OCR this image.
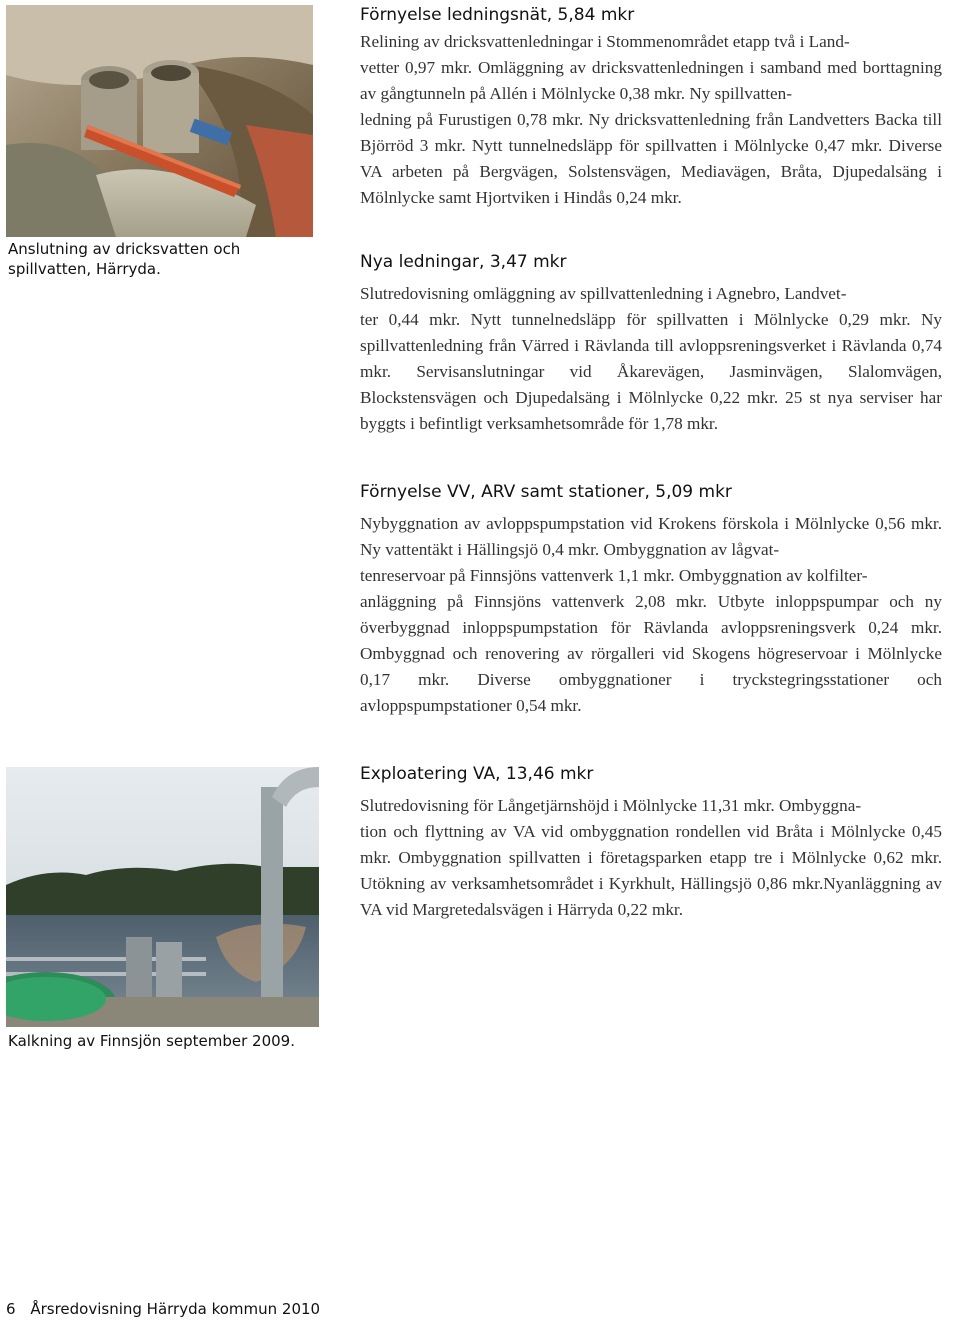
Anslutning av dricksvatten och spillvatten, Härryda.
Kalkning av Finnsjön september 2009.
Förnyelse ledningsnät, 5,84 mkr

Relining av dricksvattenledningar i Stommenområdet etapp två i Land-
vetter 0,97 mkr. Omläggning av dricksvattenledningen i samband med borttagning av gångtunneln på Allén i Mölnlycke 0,38 mkr. Ny spillvatten-
ledning på Furustigen 0,78 mkr. Ny dricksvattenledning från Landvetters Backa till Björröd 3 mkr. Nytt tunnelnedsläpp för spillvatten i Mölnlycke 0,47 mkr. Diverse VA arbeten på Bergvägen, Solstensvägen, Mediavägen, Bråta, Djupedalsäng i Mölnlycke samt Hjortviken i Hindås 0,24 mkr.

Nya ledningar, 3,47 mkr

Slutredovisning omläggning av spillvattenledning i Agnebro, Landvet-
ter 0,44 mkr. Nytt tunnelnedsläpp för spillvatten i Mölnlycke 0,29 mkr. Ny spillvattenledning från Värred i Rävlanda till avloppsreningsverket i Rävlanda 0,74 mkr. Servisanslutningar vid Åkarevägen, Jasminvägen, Slalomvägen, Blockstensvägen och Djupedalsäng i Mölnlycke 0,22 mkr. 25 st nya serviser har byggts i befintligt verksamhetsområde för 1,78 mkr.

Förnyelse VV, ARV samt stationer, 5,09 mkr

Nybyggnation av avloppspumpstation vid Krokens förskola i Mölnlycke 0,56 mkr. Ny vattentäkt i Hällingsjö 0,4 mkr. Ombyggnation av lågvat-
tenreservoar på Finnsjöns vattenverk 1,1 mkr. Ombyggnation av kolfilter-
anläggning på Finnsjöns vattenverk 2,08 mkr. Utbyte inloppspumpar och ny överbyggnad inloppspumpstation för Rävlanda avloppsreningsverk 0,24 mkr. Ombyggnad och renovering av rörgalleri vid Skogens högreservoar i Mölnlycke 0,17 mkr. Diverse ombyggnationer i tryckstegringsstationer och avloppspumpstationer 0,54 mkr.

Exploatering VA, 13,46 mkr

Slutredovisning för Långetjärnshöjd i Mölnlycke 11,31 mkr. Ombyggna-
tion och flyttning av VA vid ombyggnation rondellen vid Bråta i Mölnlycke 0,45 mkr. Ombyggnation spillvatten i företagsparken etapp tre i Mölnlycke 0,62 mkr. Utökning av verksamhetsområdet i Kyrkhult, Hällingsjö 0,86 mkr.Nyanläggning av VA vid Margretedalsvägen i Härryda 0,22 mkr.

6 Årsredovisning Härryda kommun 2010
